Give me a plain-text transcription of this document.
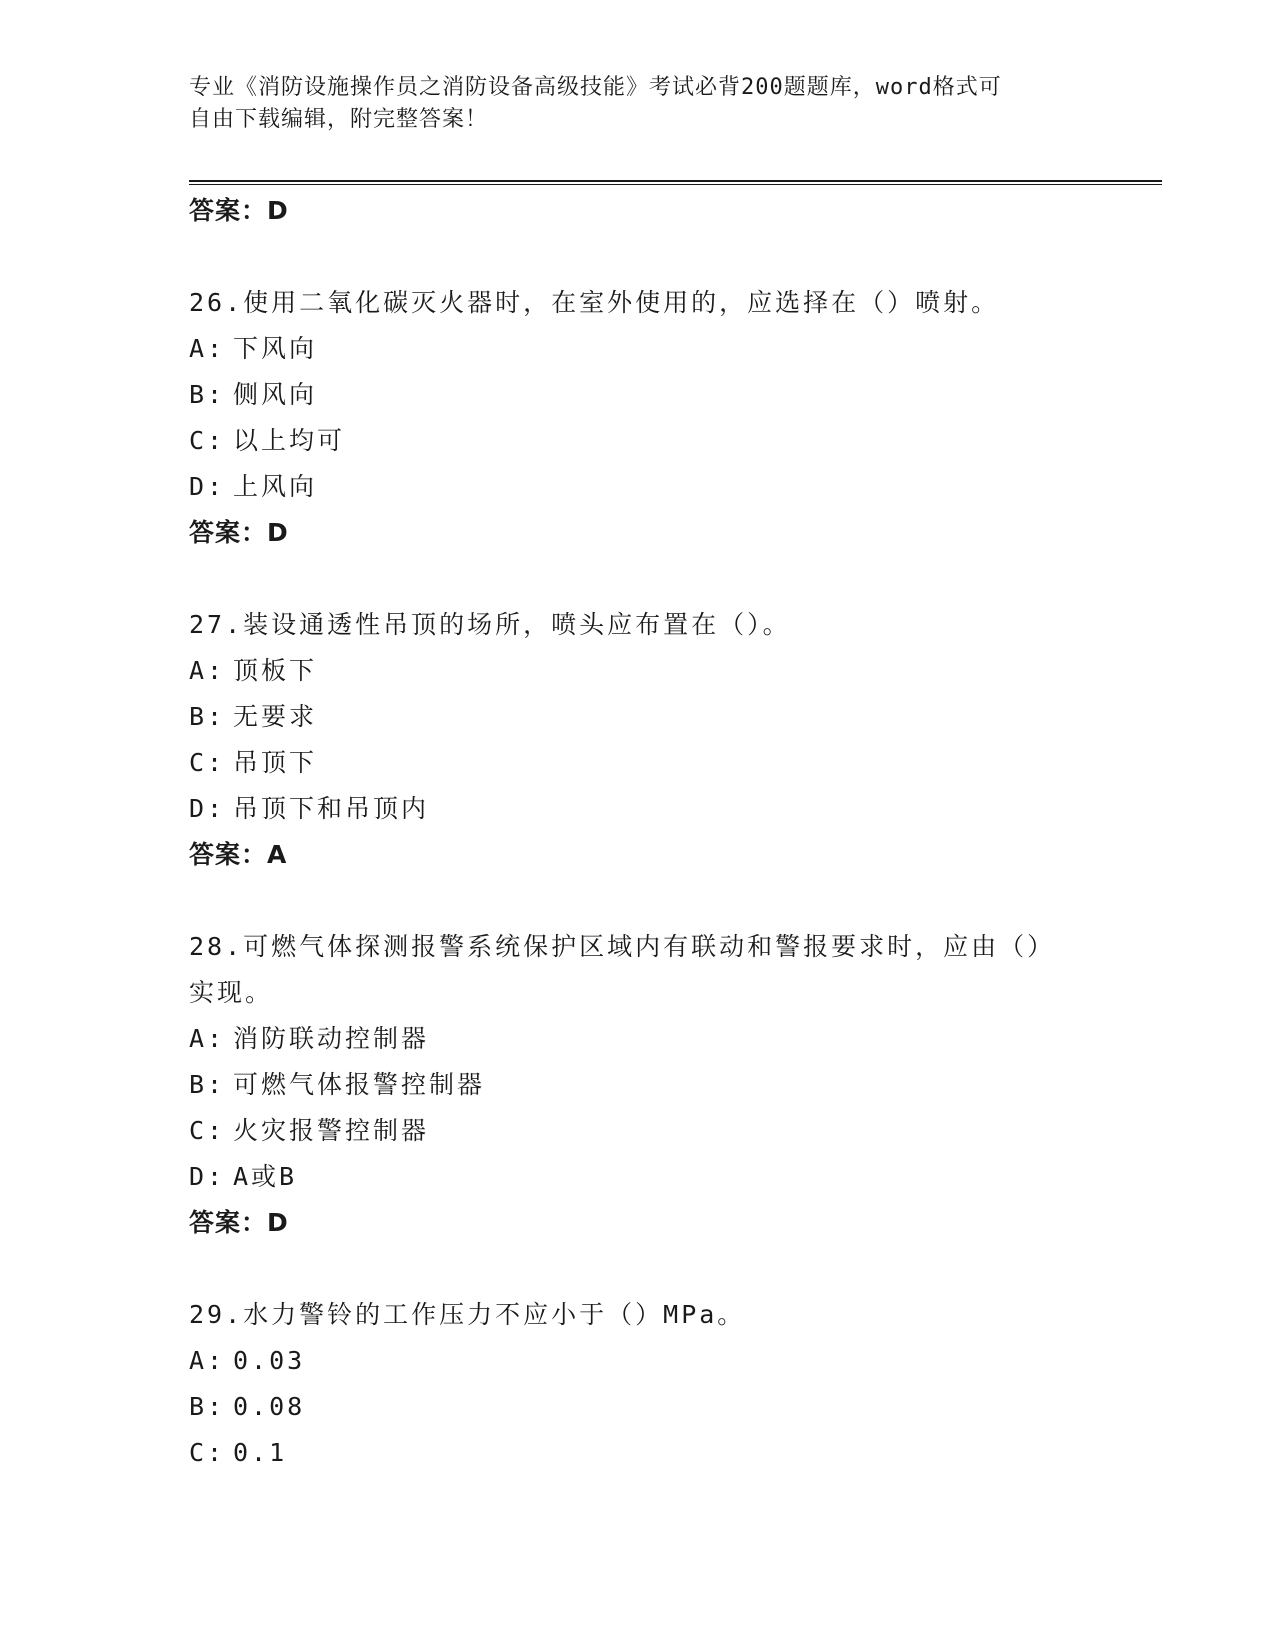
专业《消防设施操作员之消防设备高级技能》考试必背200题题库，word格式可
自由下载编辑，附完整答案！
答案：D
26.使用二氧化碳灭火器时，在室外使用的，应选择在（）喷射。
A: 下风向
B: 侧风向
C: 以上均可
D: 上风向
答案：D
27.装设通透性吊顶的场所，喷头应布置在（）。
A: 顶板下
B: 无要求
C: 吊顶下
D: 吊顶下和吊顶内
答案：A
28.可燃气体探测报警系统保护区域内有联动和警报要求时，应由（）
实现。
A: 消防联动控制器
B: 可燃气体报警控制器
C: 火灾报警控制器
D: A或B
答案：D
29.水力警铃的工作压力不应小于（）MPa。
A: 0.03
B: 0.08
C: 0.1
